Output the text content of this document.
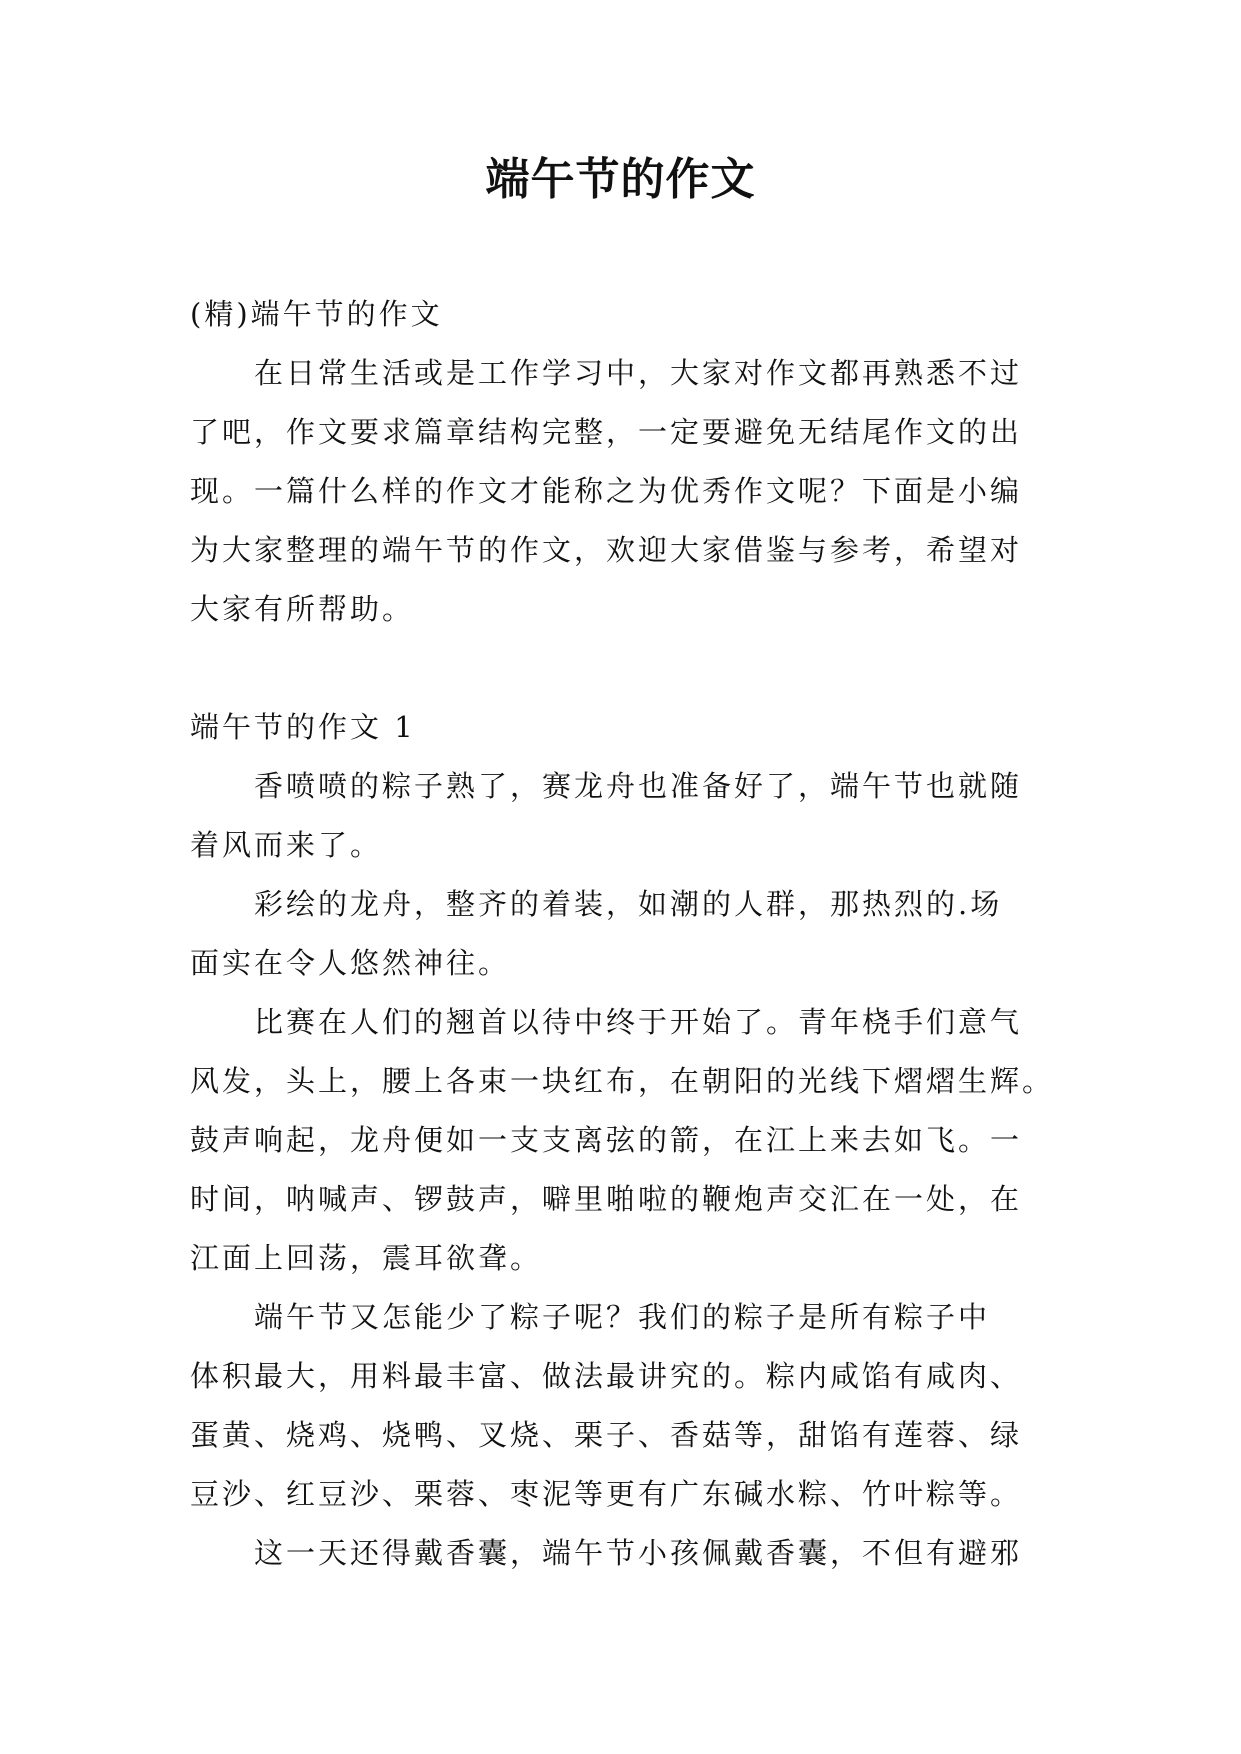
端午节的作文

(精)端午节的作文

在日常生活或是工作学习中，大家对作文都再熟悉不过

了吧，作文要求篇章结构完整，一定要避免无结尾作文的出

现。一篇什么样的作文才能称之为优秀作文呢？下面是小编

为大家整理的端午节的作文，欢迎大家借鉴与参考，希望对

大家有所帮助。

端午节的作文 1

香喷喷的粽子熟了，赛龙舟也准备好了，端午节也就随

着风而来了。

彩绘的龙舟，整齐的着装，如潮的人群，那热烈的.场

面实在令人悠然神往。

比赛在人们的翘首以待中终于开始了。青年桡手们意气

风发，头上，腰上各束一块红布，在朝阳的光线下熠熠生辉。

鼓声响起，龙舟便如一支支离弦的箭，在江上来去如飞。一

时间，呐喊声、锣鼓声，噼里啪啦的鞭炮声交汇在一处，在

江面上回荡，震耳欲聋。

端午节又怎能少了粽子呢？我们的粽子是所有粽子中

体积最大，用料最丰富、做法最讲究的。粽内咸馅有咸肉、

蛋黄、烧鸡、烧鸭、叉烧、栗子、香菇等，甜馅有莲蓉、绿

豆沙、红豆沙、栗蓉、枣泥等更有广东碱水粽、竹叶粽等。

这一天还得戴香囊，端午节小孩佩戴香囊，不但有避邪
